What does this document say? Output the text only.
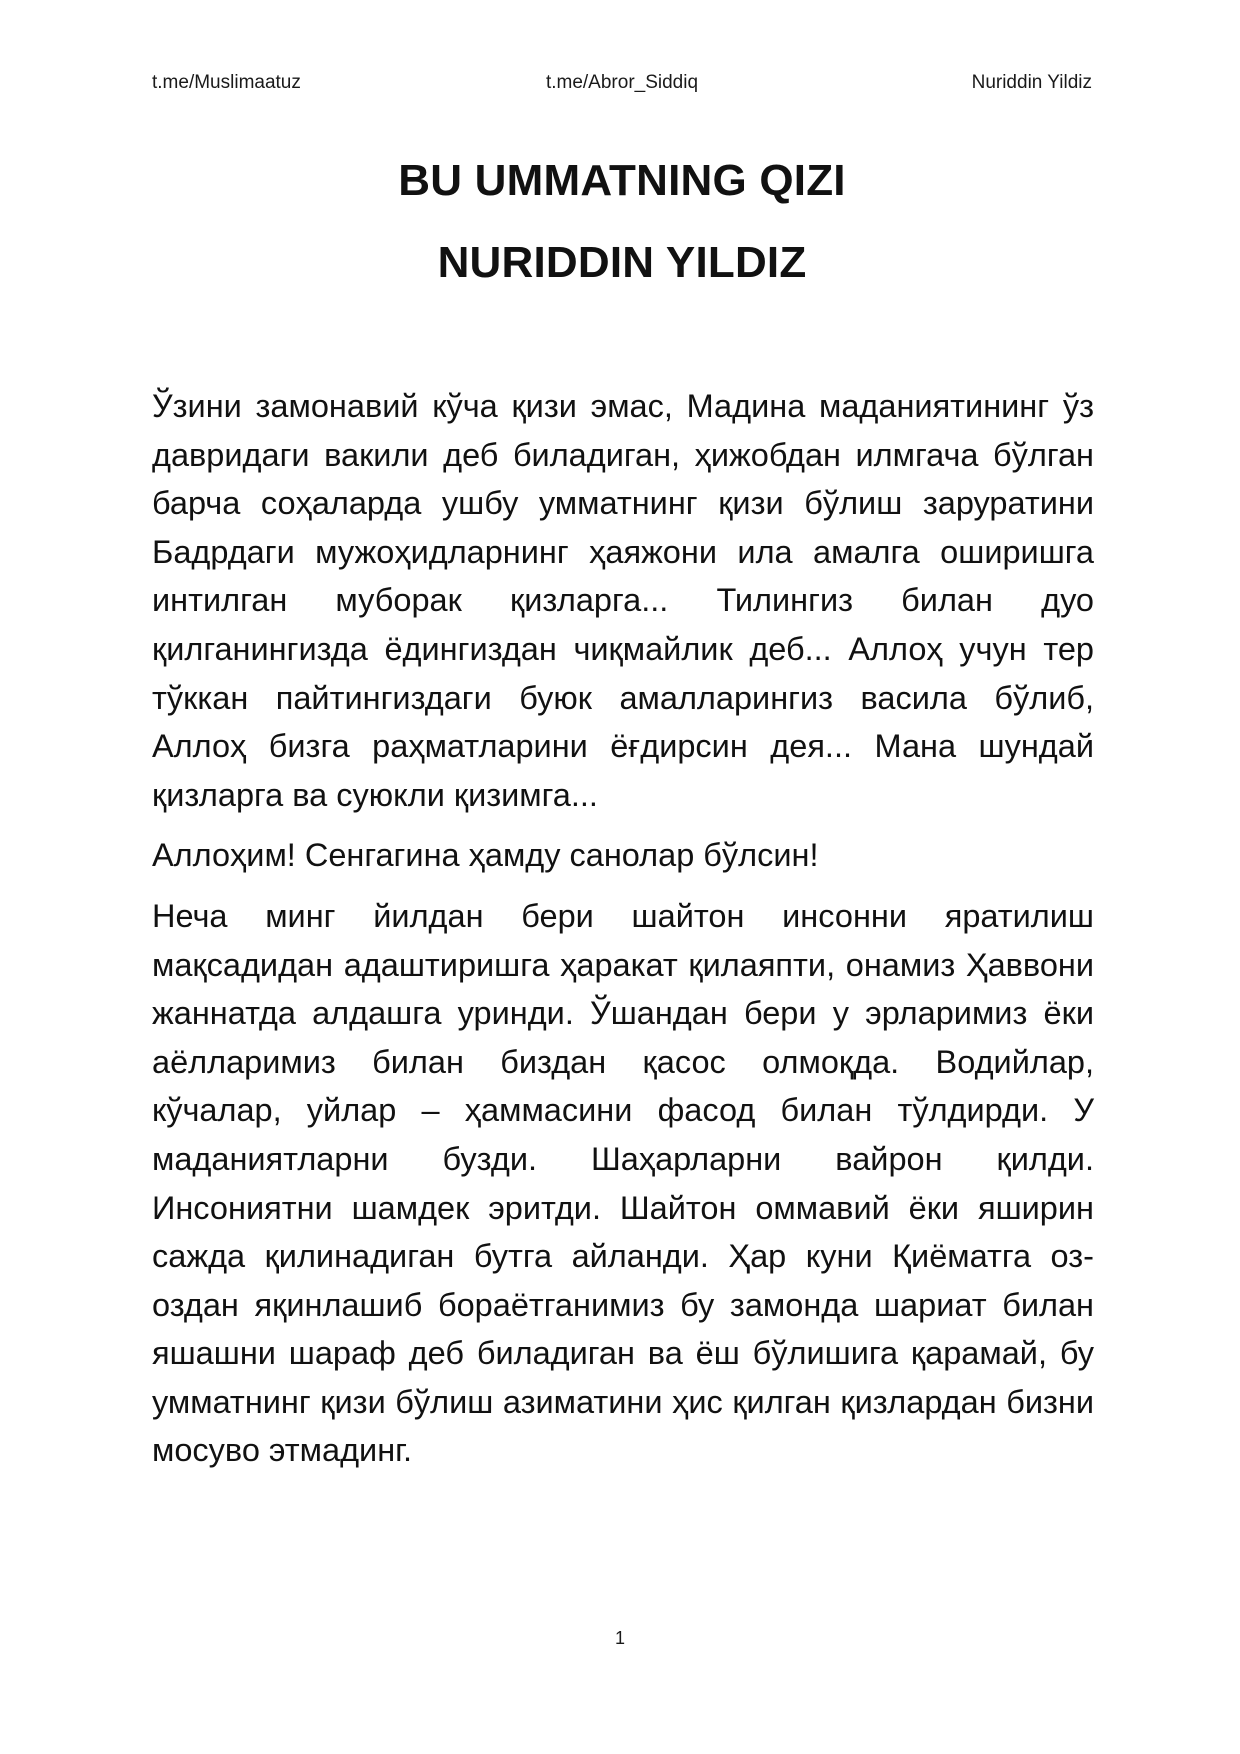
t.me/Muslimaatuz	t.me/Abror_Siddiq	Nuriddin Yildiz
BU UMMATNING QIZI
NURIDDIN YILDIZ

Ўзини замонавий кўча қизи эмас, Мадина маданиятининг ўз давридаги вакили деб биладиган, ҳижобдан илмгача бўлган барча соҳаларда ушбу умматнинг қизи бўлиш заруратини Бадрдаги мужоҳидларнинг ҳаяжони ила амалга оширишга интилган муборак қизларга... Тилингиз билан дуо қилганингизда ёдингиздан чиқмайлик деб... Аллоҳ учун тер тўккан пайтингиздаги буюк амалларингиз васила бўлиб, Аллоҳ бизга раҳматларини ёғдирсин дея... Мана шундай қизларга ва суюкли қизимга...

Аллоҳим! Сенгагина ҳамду санолар бўлсин!

Неча минг йилдан бери шайтон инсонни яратилиш мақсадидан адаштиришга ҳаракат қилаяпти, онамиз Ҳаввони жаннатда алдашга уринди. Ўшандан бери у эрларимиз ёки аёлларимиз билан биздан қасос олмоқда. Водийлар, кўчалар, уйлар – ҳаммасини фасод билан тўлдирди. У маданиятларни бузди. Шаҳарларни вайрон қилди. Инсониятни шамдек эритди. Шайтон оммавий ёки яширин сажда қилинадиган бутга айланди. Ҳар куни Қиёматга оз-оздан яқинлашиб бораётганимиз бу замонда шариат билан яшашни шараф деб биладиган ва ёш бўлишига қарамай, бу умматнинг қизи бўлиш азиматини ҳис қилган қизлардан бизни мосуво этмадинг.

1
